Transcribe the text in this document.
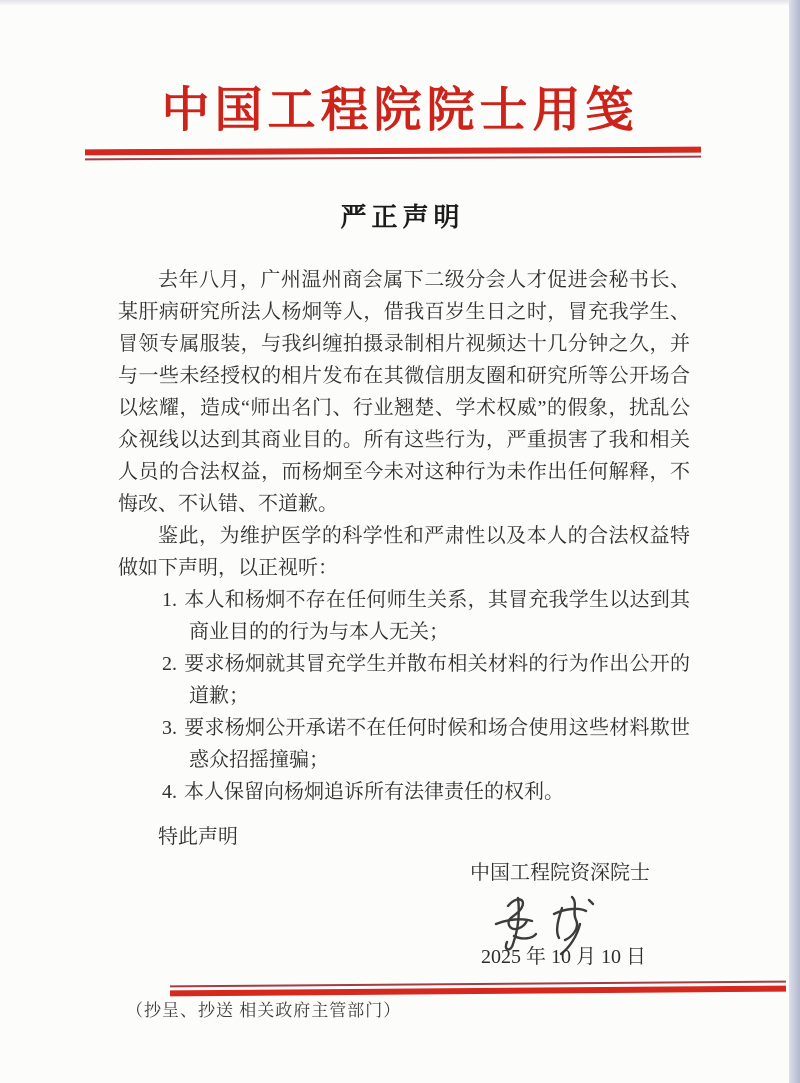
中国工程院院士用笺
严正声明

去年八月，广州温州商会属下二级分会人才促进会秘书长、某肝病研究所法人杨炯等人，借我百岁生日之时，冒充我学生、冒领专属服装，与我纠缠拍摄录制相片视频达十几分钟之久，并与一些未经授权的相片发布在其微信朋友圈和研究所等公开场合以炫耀，造成“师出名门、行业翘楚、学术权威”的假象，扰乱公众视线以达到其商业目的。所有这些行为，严重损害了我和相关人员的合法权益，而杨炯至今未对这种行为未作出任何解释，不悔改、不认错、不道歉。

鉴此，为维护医学的科学性和严肃性以及本人的合法权益特做如下声明，以正视听：

1. 本人和杨炯不存在任何师生关系，其冒充我学生以达到其商业目的的行为与本人无关；
2. 要求杨炯就其冒充学生并散布相关材料的行为作出公开的道歉；
3. 要求杨炯公开承诺不在任何时候和场合使用这些材料欺世惑众招摇撞骗；
4. 本人保留向杨炯追诉所有法律责任的权利。

特此声明

中国工程院资深院士
2025 年 10 月 10 日
（抄呈、抄送 相关政府主管部门）
